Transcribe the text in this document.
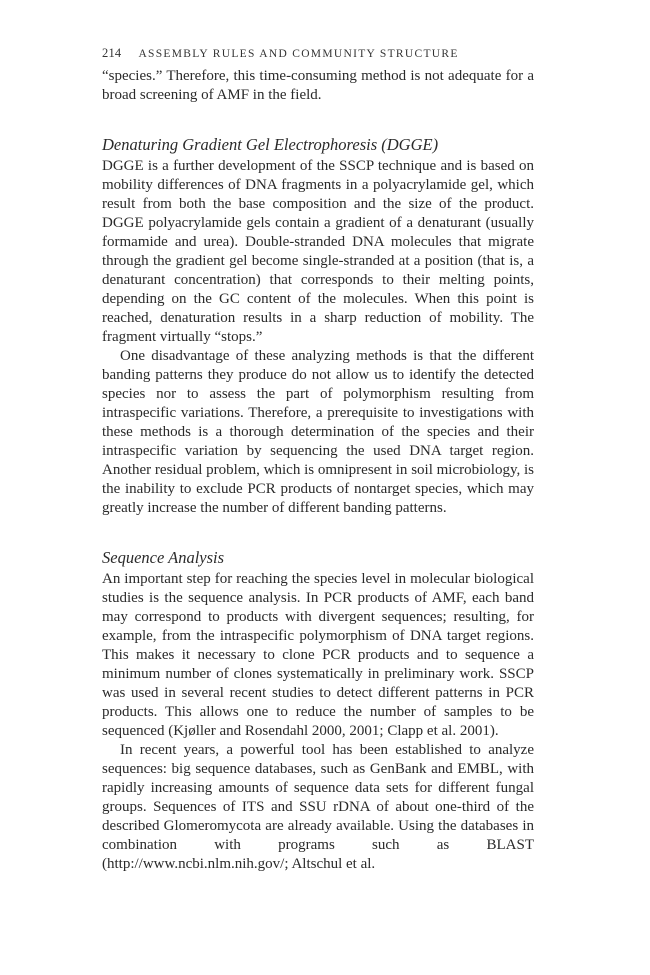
214 ASSEMBLY RULES AND COMMUNITY STRUCTURE

“species.” Therefore, this time-consuming method is not adequate for a broad screening of AMF in the field.

Denaturing Gradient Gel Electrophoresis (DGGE)

DGGE is a further development of the SSCP technique and is based on mobility differences of DNA fragments in a polyacrylamide gel, which result from both the base composition and the size of the product. DGGE polyacrylamide gels contain a gradient of a denaturant (usually formamide and urea). Double-stranded DNA molecules that migrate through the gradient gel become single-stranded at a position (that is, a denaturant concentration) that corresponds to their melting points, depending on the GC content of the molecules. When this point is reached, denaturation results in a sharp reduction of mobility. The fragment virtually “stops.”

One disadvantage of these analyzing methods is that the different banding patterns they produce do not allow us to identify the detected species nor to assess the part of polymorphism resulting from intraspecific variations. Therefore, a prerequisite to investigations with these methods is a thorough determination of the species and their intraspecific variation by sequencing the used DNA target region. Another residual problem, which is omnipresent in soil microbiology, is the inability to exclude PCR products of nontarget species, which may greatly increase the number of different banding patterns.

Sequence Analysis

An important step for reaching the species level in molecular biological studies is the sequence analysis. In PCR products of AMF, each band may correspond to products with divergent sequences; resulting, for example, from the intraspecific polymorphism of DNA target regions. This makes it necessary to clone PCR products and to sequence a minimum number of clones systematically in preliminary work. SSCP was used in several recent studies to detect different patterns in PCR products. This allows one to reduce the number of samples to be sequenced (Kjøller and Rosendahl 2000, 2001; Clapp et al. 2001).

In recent years, a powerful tool has been established to analyze sequences: big sequence databases, such as GenBank and EMBL, with rapidly increasing amounts of sequence data sets for different fungal groups. Sequences of ITS and SSU rDNA of about one-third of the described Glomeromycota are already available. Using the databases in combination with programs such as BLAST (http://www.ncbi.nlm.nih.gov/; Altschul et al.
